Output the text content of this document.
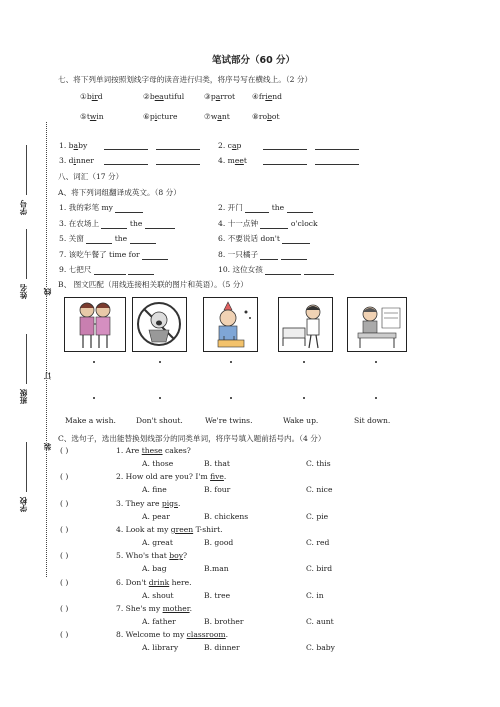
笔试部分（60 分）
七、将下列单词按照划线字母的读音进行归类，将序号写在横线上。（2 分）
①bird	②beautiful	③parrot ④friend
⑤twin	⑥picture	⑦want	⑧robot
1. baby	2. cap
3. dinner	4. meet
八、词汇（17 分）
A、将下列词组翻译成英文。（8 分）
1. 我的彩笔 my	2. 开门	the
3. 在农场上	the	4. 十一点钟	o'clock
5. 关窗	the	6. 不要说话 don't
7. 该吃午餐了 time for	8. 一只橘子
9. 七把尺	10. 这位女孩
B、 图文匹配（用线连接相关联的图片和英语）。（5 分）
Make a wish.	Don't shout.	We're twins.	Wake up.	Sit down.
C、选句子，选出能替换划线部分的同类单词，将序号填入题前括号内。（4 分）
( )	1. Are these cakes?
A. those	B. that	C. this
( )	2. How old are you? I'm five.
A. fine	B. four	C. nice
( )	3. They are pigs.
A. pear	B. chickens	C. pie
( )	4. Look at my green T-shirt.
A. great	B. good	C. red
( )	5. Who's that boy?
A. bag	B.man	C. bird
( )	6. Don't drink here.
A. shout	B. tree	C. in
( )	7. She's my mother.
A. father	B. brother	C. aunt
( )	8. Welcome to my classroom.
A. library	B. dinner	C. baby
学号
姓名
班级
学校
线
订
装
